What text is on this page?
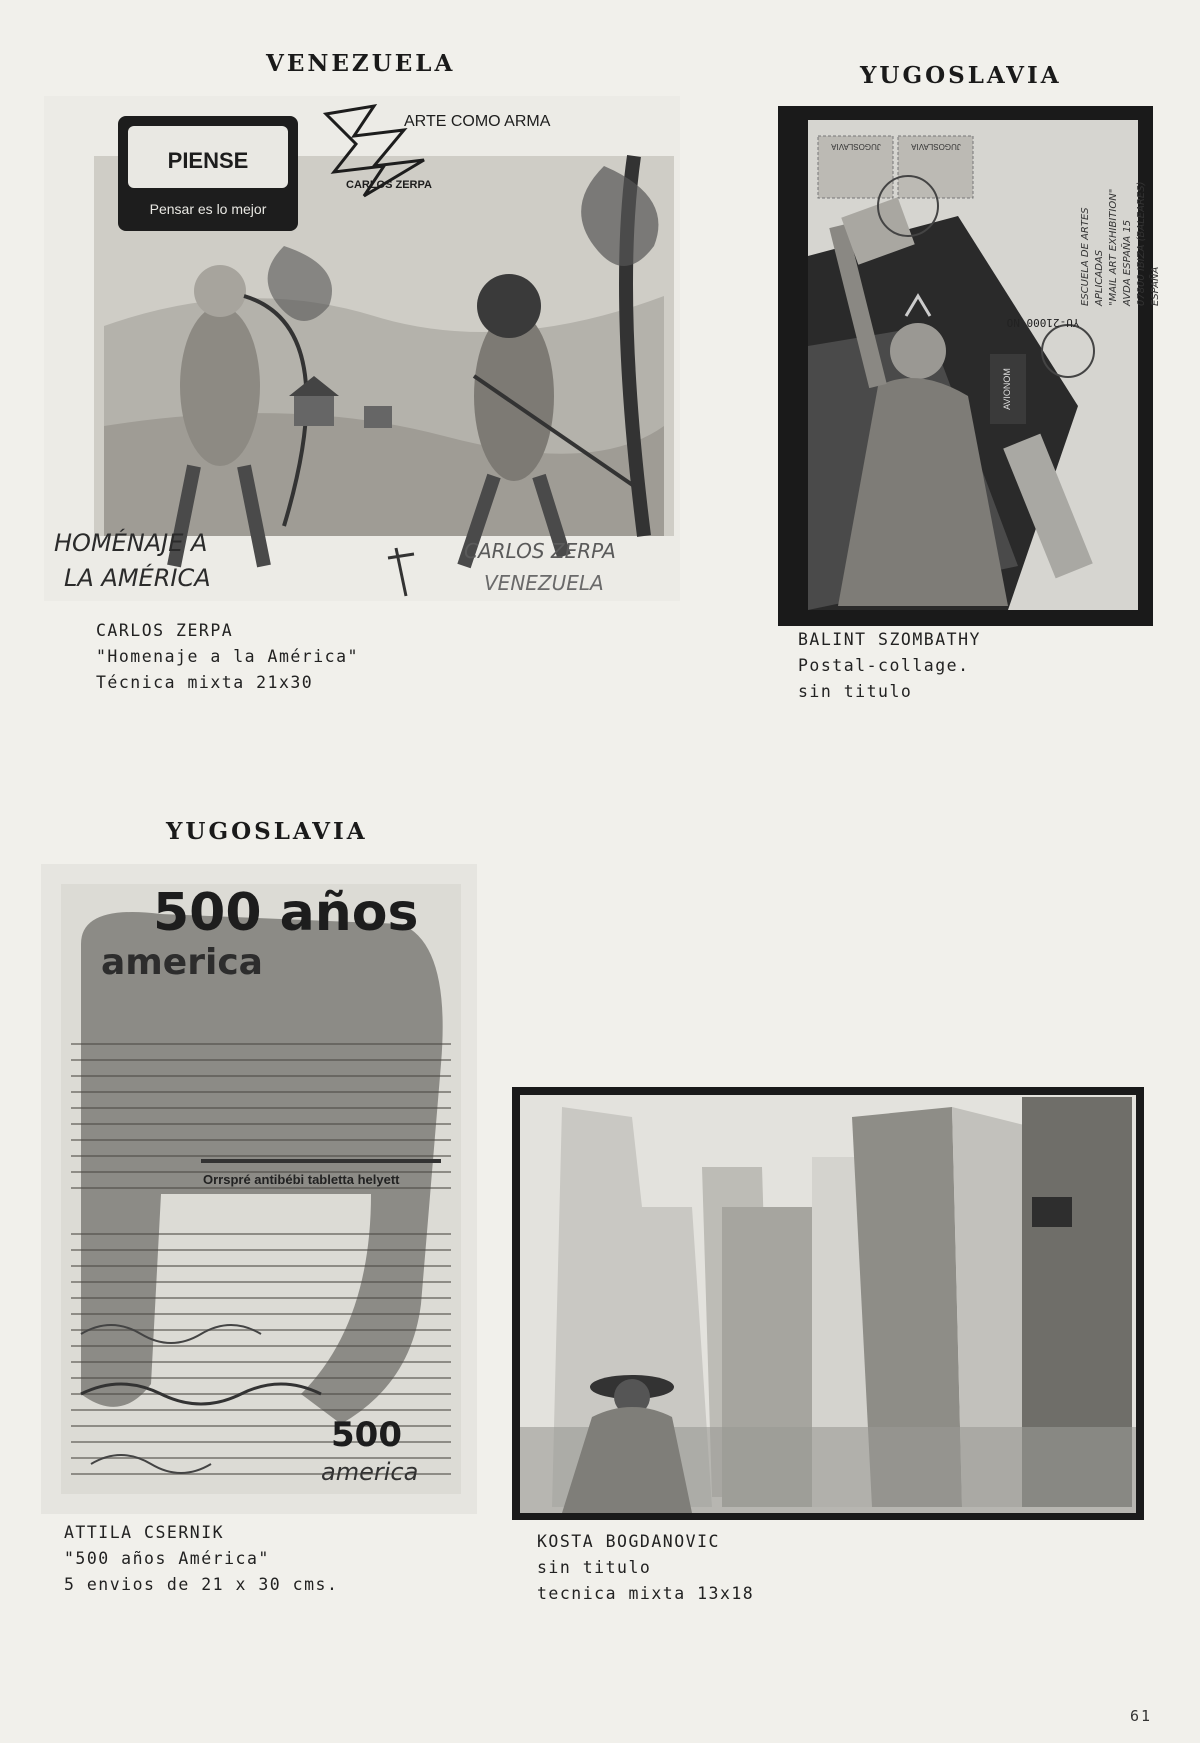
VENEZUELA	YUGOSLAVIA
YUGOSLAVIA
PIENSE
Pensar es lo mejor
ARTE COMO ARMA
CARLOS ZERPA
HOMÉNAJE A
LA AMÉRICA
CARLOS ZERPA
VENEZUELA
CARLOS ZERPA
"Homenaje a la América"
Técnica mixta 21x30
JUGOSLAVIA	JUGOSLAVIA
AVIONOM
YU-21000 NO
ESCUELA DE ARTES APLICADAS "MAIL ART EXHIBITION" AVDA ESPAÑA 15 07800 IBIZA (BALEARES) ESPAÑA
BALINT SZOMBATHY
Postal-collage.
sin titulo
Orrspré antibébi tabletta helyett
500 años
america
500
america
ATTILA CSERNIK
"500 años América"
5 envios de 21 x 30 cms.
KOSTA BOGDANOVIC
sin titulo
tecnica mixta 13x18
61
